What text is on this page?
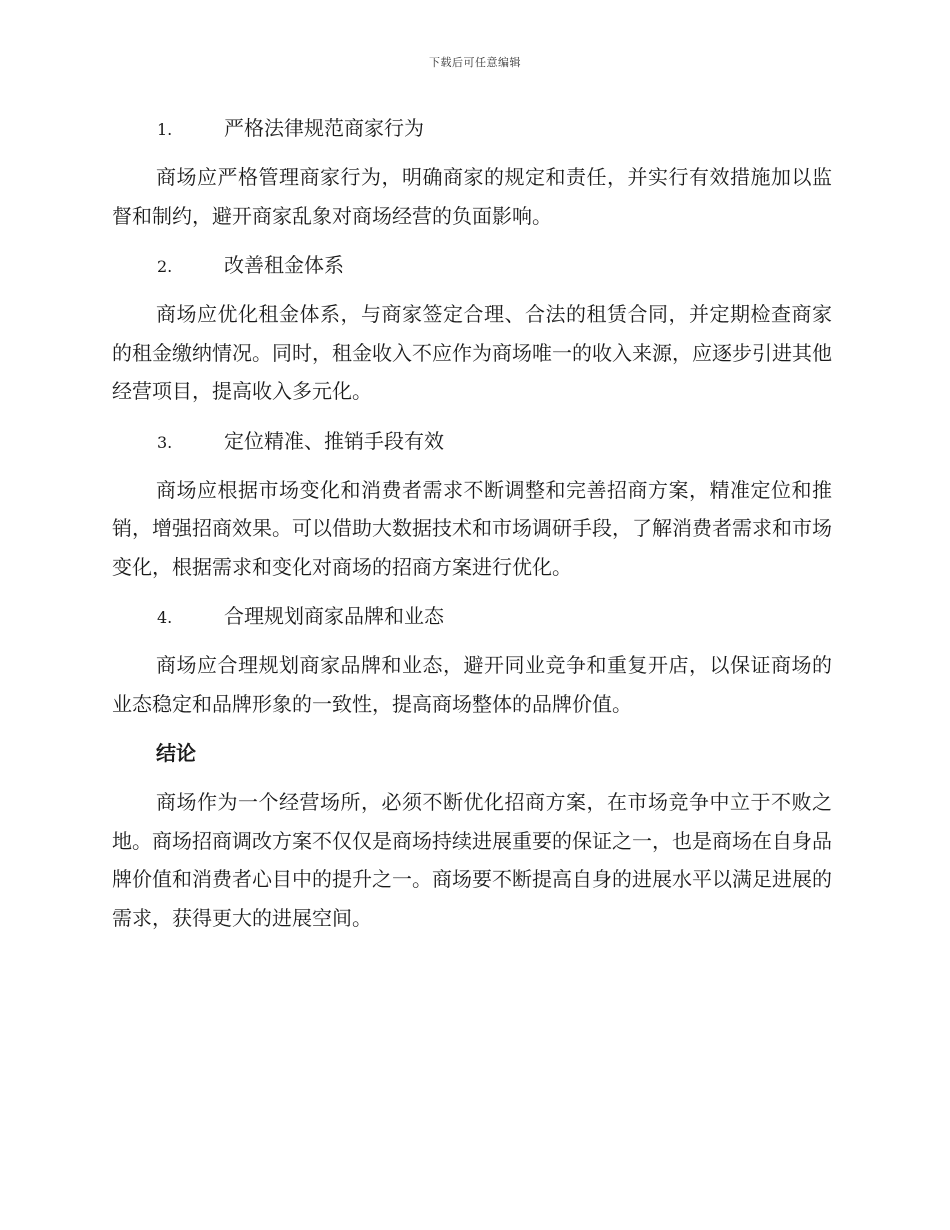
下载后可任意编辑
1.	严格法律规范商家行为

商场应严格管理商家行为，明确商家的规定和责任，并实行有效措施加以监督和制约，避开商家乱象对商场经营的负面影响。

2.	改善租金体系

商场应优化租金体系，与商家签定合理、合法的租赁合同，并定期检查商家的租金缴纳情况。同时，租金收入不应作为商场唯一的收入来源，应逐步引进其他经营项目，提高收入多元化。

3.	定位精准、推销手段有效

商场应根据市场变化和消费者需求不断调整和完善招商方案，精准定位和推销，增强招商效果。可以借助大数据技术和市场调研手段，了解消费者需求和市场变化，根据需求和变化对商场的招商方案进行优化。

4.	合理规划商家品牌和业态

商场应合理规划商家品牌和业态，避开同业竞争和重复开店，以保证商场的业态稳定和品牌形象的一致性，提高商场整体的品牌价值。

结论

商场作为一个经营场所，必须不断优化招商方案，在市场竞争中立于不败之地。商场招商调改方案不仅仅是商场持续进展重要的保证之一，也是商场在自身品牌价值和消费者心目中的提升之一。商场要不断提高自身的进展水平以满足进展的需求，获得更大的进展空间。
